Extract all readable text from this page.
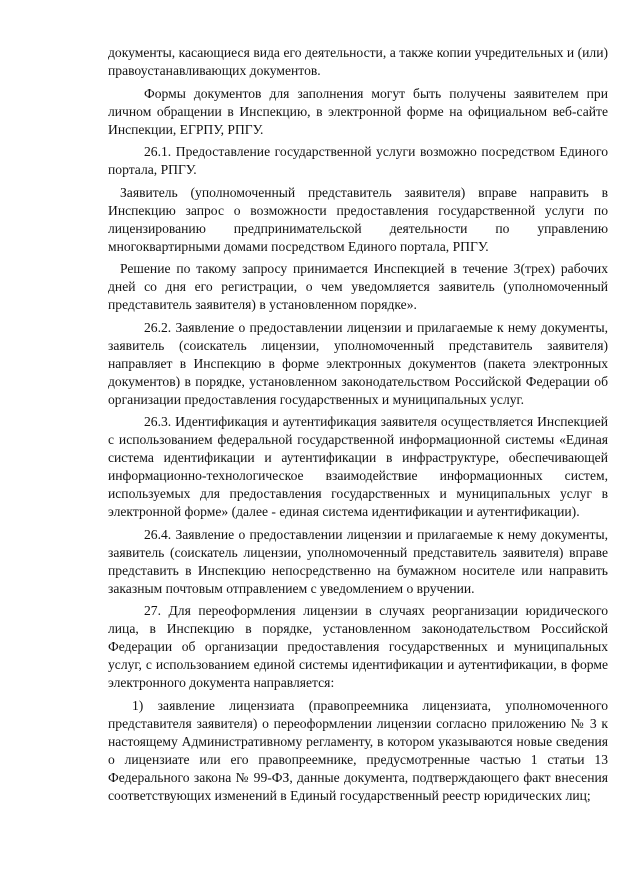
документы, касающиеся вида его деятельности, а также копии учредительных и (или) правоустанавливающих документов.

Формы документов для заполнения могут быть получены заявителем при личном обращении в Инспекцию, в электронной форме на официальном веб-сайте Инспекции, ЕГРПУ, РПГУ.

26.1. Предоставление государственной услуги возможно посредством Единого портала, РПГУ.

Заявитель (уполномоченный представитель заявителя) вправе направить в Инспекцию запрос о возможности предоставления государственной услуги по лицензированию предпринимательской деятельности по управлению многоквартирными домами посредством Единого портала, РПГУ.

Решение по такому запросу принимается Инспекцией в течение 3(трех) рабочих дней со дня его регистрации, о чем уведомляется заявитель (уполномоченный представитель заявителя) в установленном порядке».

26.2. Заявление о предоставлении лицензии и прилагаемые к нему документы, заявитель (соискатель лицензии, уполномоченный представитель заявителя) направляет в Инспекцию в форме электронных документов (пакета электронных документов) в порядке, установленном законодательством Российской Федерации об организации предоставления государственных и муниципальных услуг.

26.3. Идентификация и аутентификация заявителя осуществляется Инспекцией с использованием федеральной государственной информационной системы «Единая система идентификации и аутентификации в инфраструктуре, обеспечивающей информационно-технологическое взаимодействие информационных систем, используемых для предоставления государственных и муниципальных услуг в электронной форме» (далее - единая система идентификации и аутентификации).

26.4. Заявление о предоставлении лицензии и прилагаемые к нему документы, заявитель (соискатель лицензии, уполномоченный представитель заявителя) вправе представить в Инспекцию непосредственно на бумажном носителе или направить заказным почтовым отправлением с уведомлением о вручении.

27. Для переоформления лицензии в случаях реорганизации юридического лица, в Инспекцию в порядке, установленном законодательством Российской Федерации об организации предоставления государственных и муниципальных услуг, с использованием единой системы идентификации и аутентификации, в форме электронного документа направляется:

1) заявление лицензиата (правопреемника лицензиата, уполномоченного представителя заявителя) о переоформлении лицензии согласно приложению № 3 к настоящему Административному регламенту, в котором указываются новые сведения о лицензиате или его правопреемнике, предусмотренные частью 1 статьи 13 Федерального закона № 99-ФЗ, данные документа, подтверждающего факт внесения соответствующих изменений в Единый государственный реестр юридических лиц;
